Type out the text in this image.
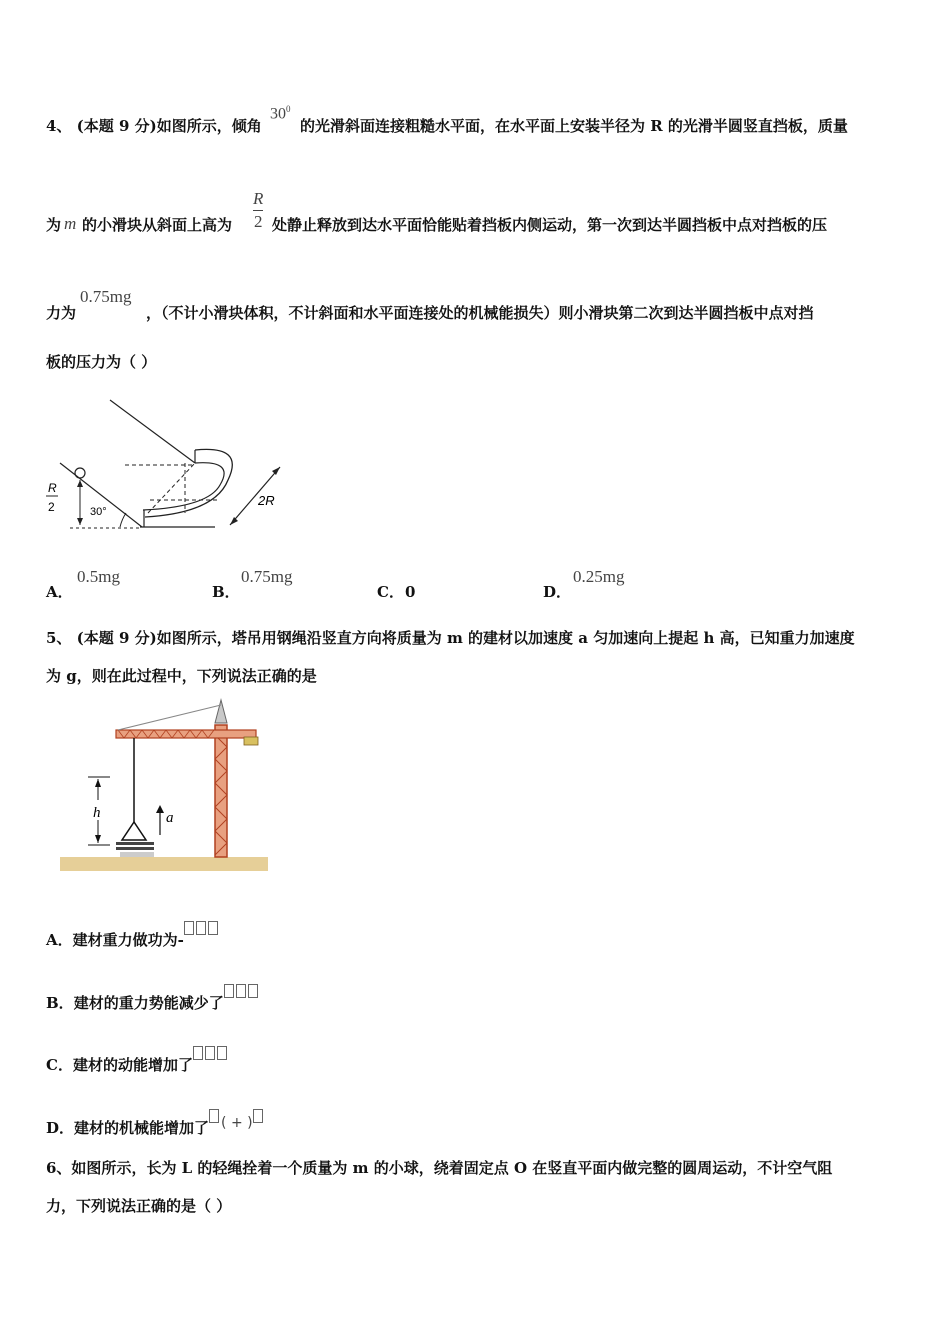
4、 (本题 9 分)如图所示，倾角
$30^0$
的光滑斜面连接粗糙水平面，在水平面上安装半径为 R 的光滑半圆竖直挡板，质量
为 m 的小滑块从斜面上高为
R
2 处静止释放到达水平面恰能贴着挡板内侧运动，第一次到达半圆挡板中点对挡板的压
力为
0.75mg
，（不计小滑块体积，不计斜面和水平面连接处的机械能损失）则小滑块第二次到达半圆挡板中点对挡
板的压力为（ ）
R
2	30°
2R
A．
0.5mg
B．
0.75mg
C． 0	D．
0.25mg
5、 (本题 9 分)如图所示，塔吊用钢绳沿竖直方向将质量为 m 的建材以加速度 a 匀加速向上提起 h 高，已知重力加速度
为 g，则在此过程中，下列说法正确的是
h	a
A．建材重力做功为-
B．建材的重力势能减少了
C．建材的动能增加了
D．建材的机械能增加了 ( + )
6、如图所示，长为 L 的轻绳拴着一个质量为 m 的小球，绕着固定点 O 在竖直平面内做完整的圆周运动，不计空气阻
力，下列说法正确的是（ ）
